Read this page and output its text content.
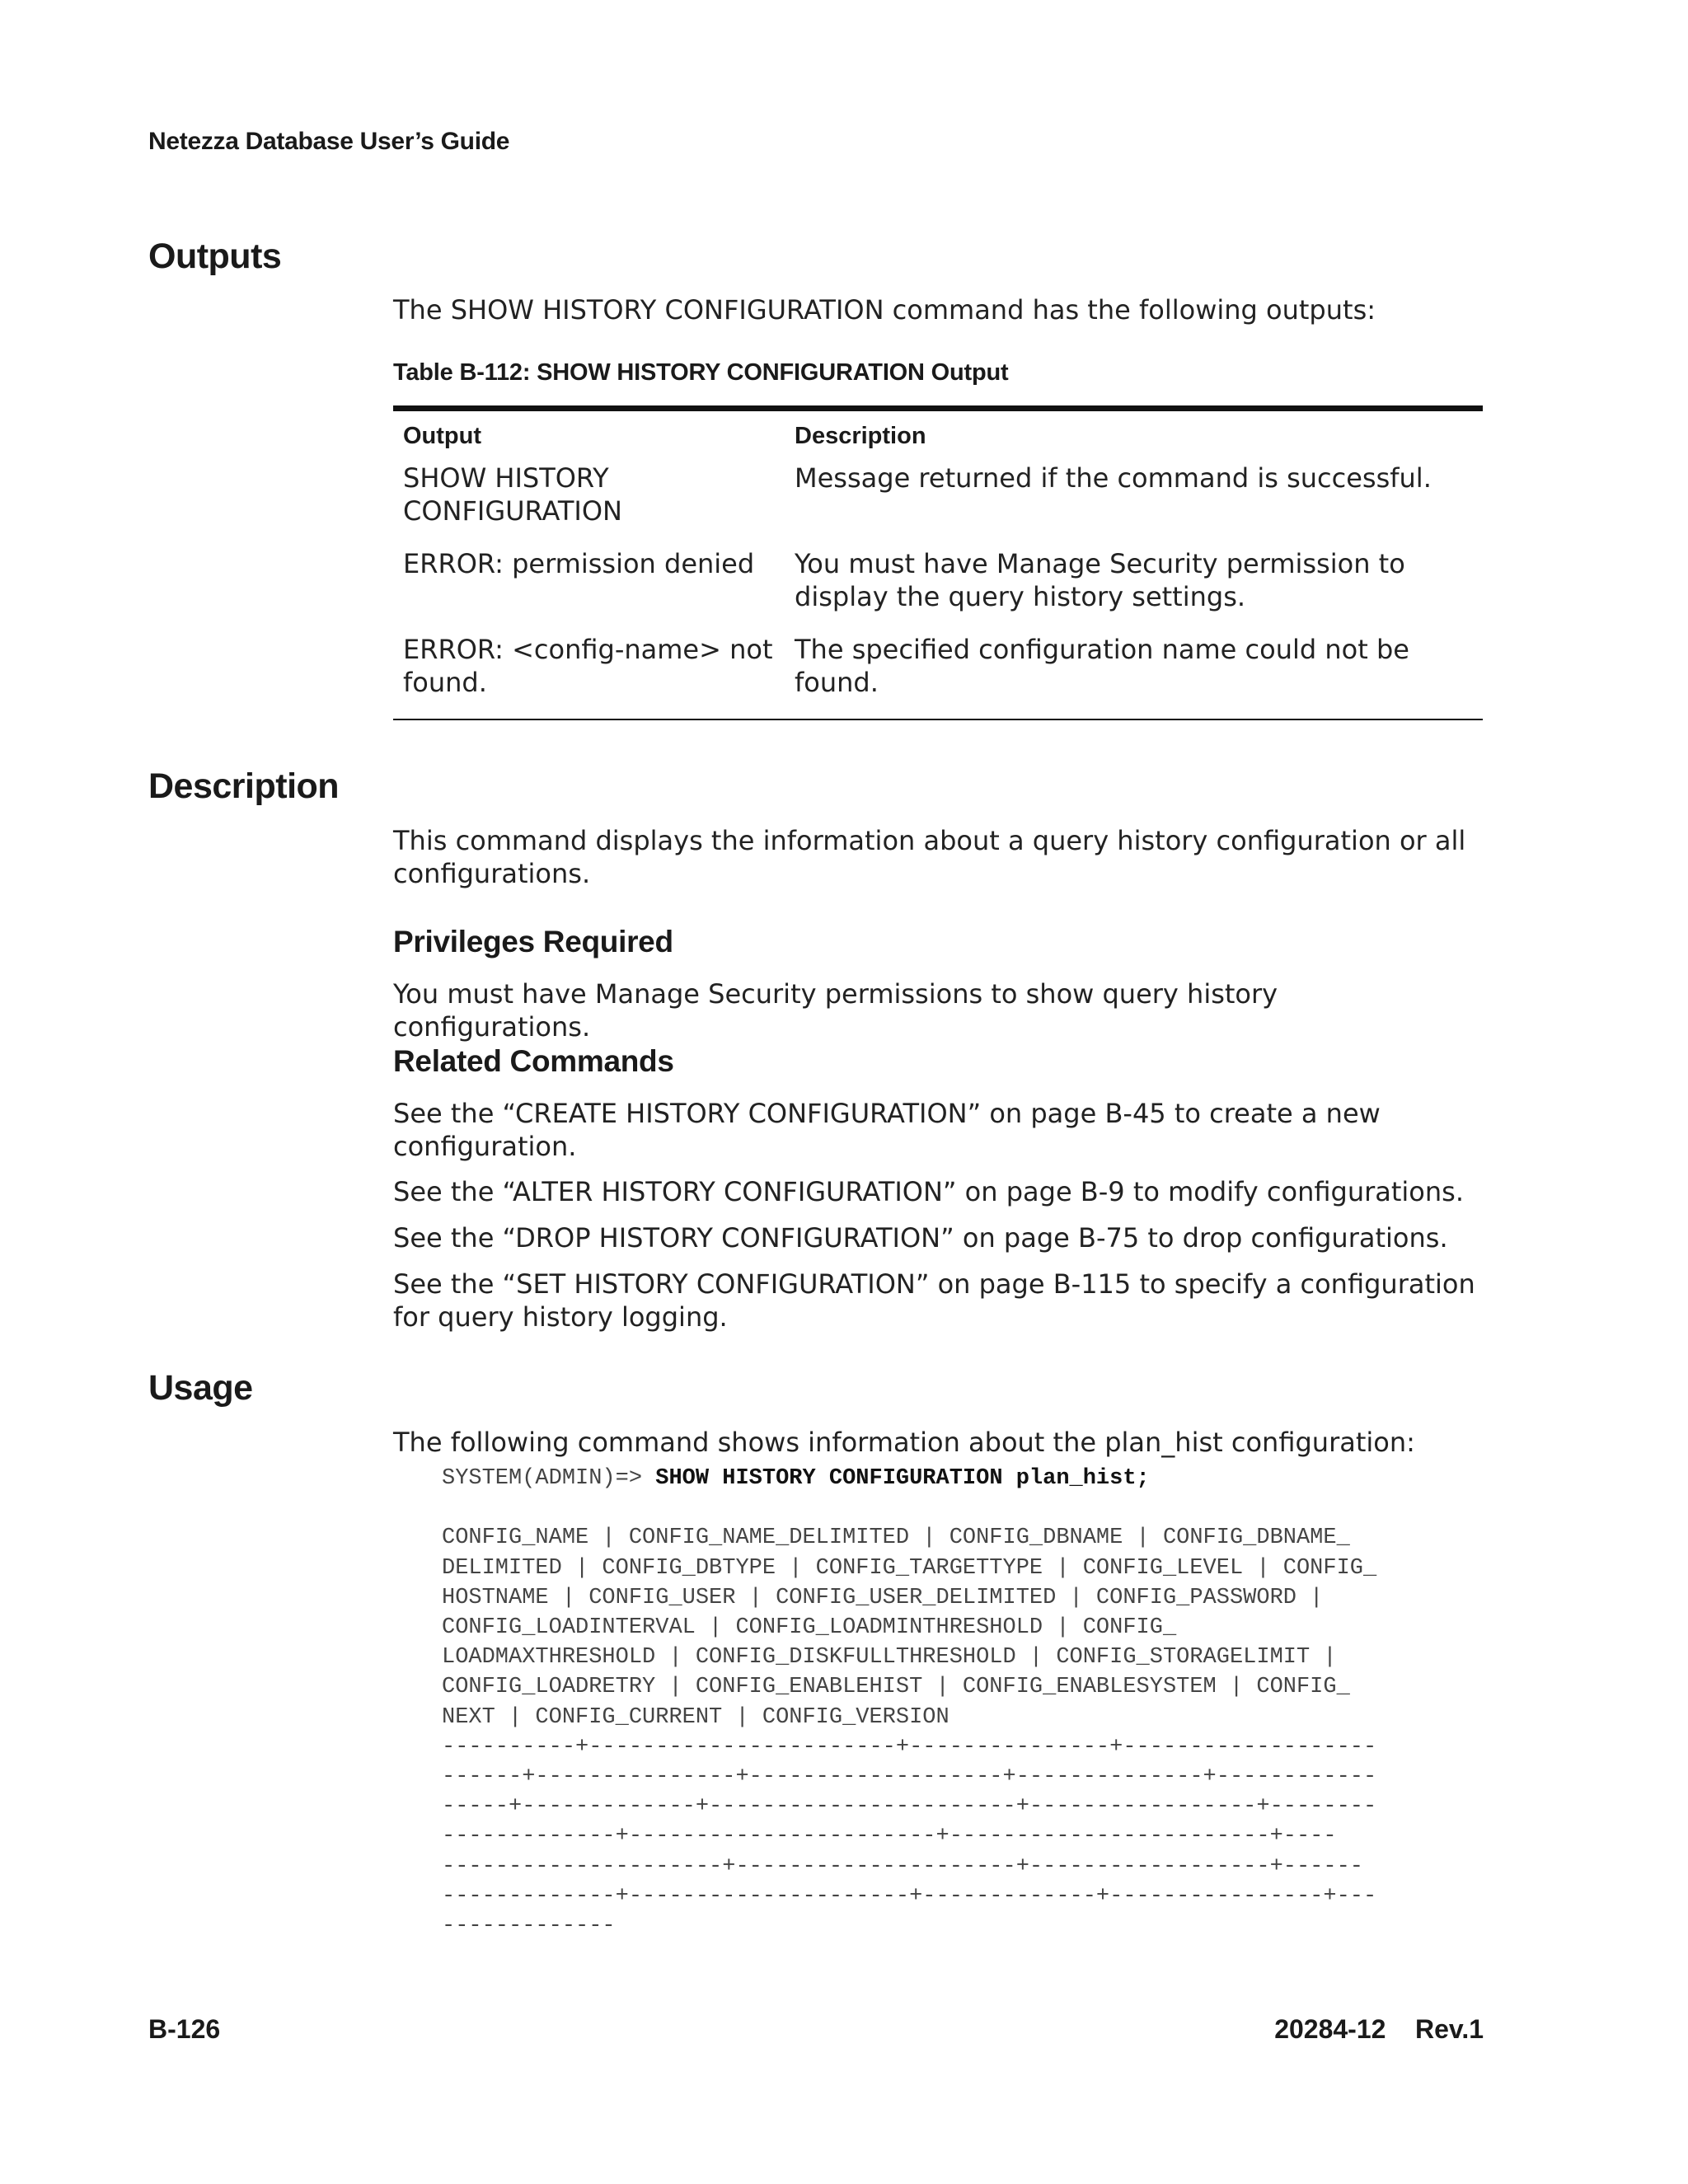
Netezza Database User’s Guide
Outputs
The SHOW HISTORY CONFIGURATION command has the following outputs:
Table B-112: SHOW HISTORY CONFIGURATION Output
Output	Description
SHOW HISTORY CONFIGURATION	Message returned if the command is successful.
ERROR: permission denied	You must have Manage Security permission to display the query history settings.
ERROR: <config-name> not found.	The specified configuration name could not be found.
Description
This command displays the information about a query history configuration or all configurations.
Privileges Required
You must have Manage Security permissions to show query history configurations.
Related Commands
See the “CREATE HISTORY CONFIGURATION” on page B-45 to create a new configuration.
See the “ALTER HISTORY CONFIGURATION” on page B-9 to modify configurations.
See the “DROP HISTORY CONFIGURATION” on page B-75 to drop configurations.
See the “SET HISTORY CONFIGURATION” on page B-115 to specify a configuration for query history logging.
Usage
The following command shows information about the plan_hist configuration:
SYSTEM(ADMIN)=> SHOW HISTORY CONFIGURATION plan_hist;

CONFIG_NAME | CONFIG_NAME_DELIMITED | CONFIG_DBNAME | CONFIG_DBNAME_
DELIMITED | CONFIG_DBTYPE | CONFIG_TARGETTYPE | CONFIG_LEVEL | CONFIG_
HOSTNAME | CONFIG_USER | CONFIG_USER_DELIMITED | CONFIG_PASSWORD |
CONFIG_LOADINTERVAL | CONFIG_LOADMINTHRESHOLD | CONFIG_
LOADMAXTHRESHOLD | CONFIG_DISKFULLTHRESHOLD | CONFIG_STORAGELIMIT |
CONFIG_LOADRETRY | CONFIG_ENABLEHIST | CONFIG_ENABLESYSTEM | CONFIG_
NEXT | CONFIG_CURRENT | CONFIG_VERSION
----------+-----------------------+---------------+-------------------
------+---------------+-------------------+--------------+------------
-----+-------------+-----------------------+-----------------+--------
-------------+-----------------------+------------------------+----
---------------------+---------------------+------------------+------
-------------+---------------------+-------------+----------------+---
-------------
B-126	20284-12    Rev.1
